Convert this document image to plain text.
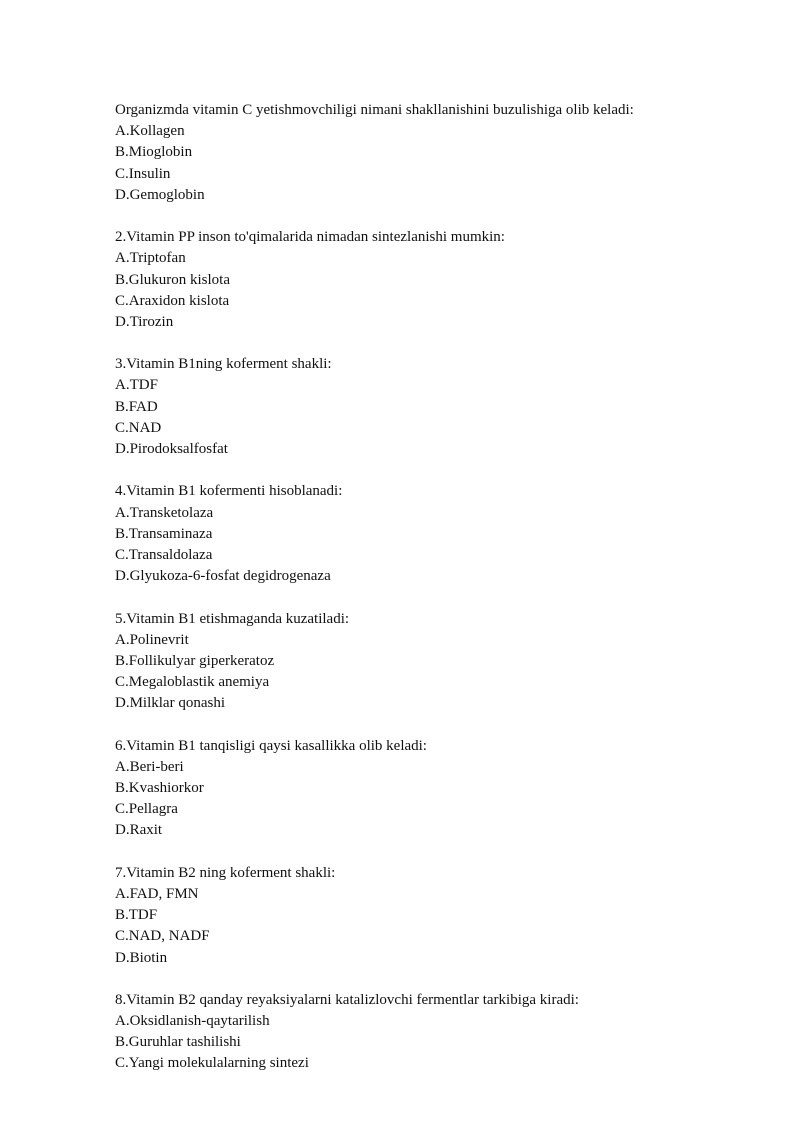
Organizmda vitamin C yetishmovchiligi nimani shakllanishini buzulishiga olib keladi:
A.Kollagen
B.Mioglobin
C.Insulin
D.Gemoglobin
2.Vitamin PP inson to'qimalarida nimadan sintezlanishi mumkin:
A.Triptofan
B.Glukuron kislota
C.Araxidon kislota
D.Tirozin
3.Vitamin B1ning koferment shakli:
A.TDF
B.FAD
C.NAD
D.Pirodoksalfosfat
4.Vitamin B1 kofermenti hisoblanadi:
A.Transketolaza
B.Transaminaza
C.Transaldolaza
D.Glyukoza-6-fosfat degidrogenaza
5.Vitamin B1 etishmaganda kuzatiladi:
A.Polinevrit
B.Follikulyar giperkeratoz
C.Megaloblastik anemiya
D.Milklar qonashi
6.Vitamin B1 tanqisligi qaysi kasallikka olib keladi:
A.Beri-beri
B.Kvashiorkor
C.Pellagra
D.Raxit
7.Vitamin B2 ning koferment shakli:
A.FAD, FMN
B.TDF
C.NAD, NADF
D.Biotin
8.Vitamin B2 qanday reyaksiyalarni katalizlovchi fermentlar tarkibiga kiradi:
A.Oksidlanish-qaytarilish
B.Guruhlar tashilishi
C.Yangi molekulalarning sintezi
